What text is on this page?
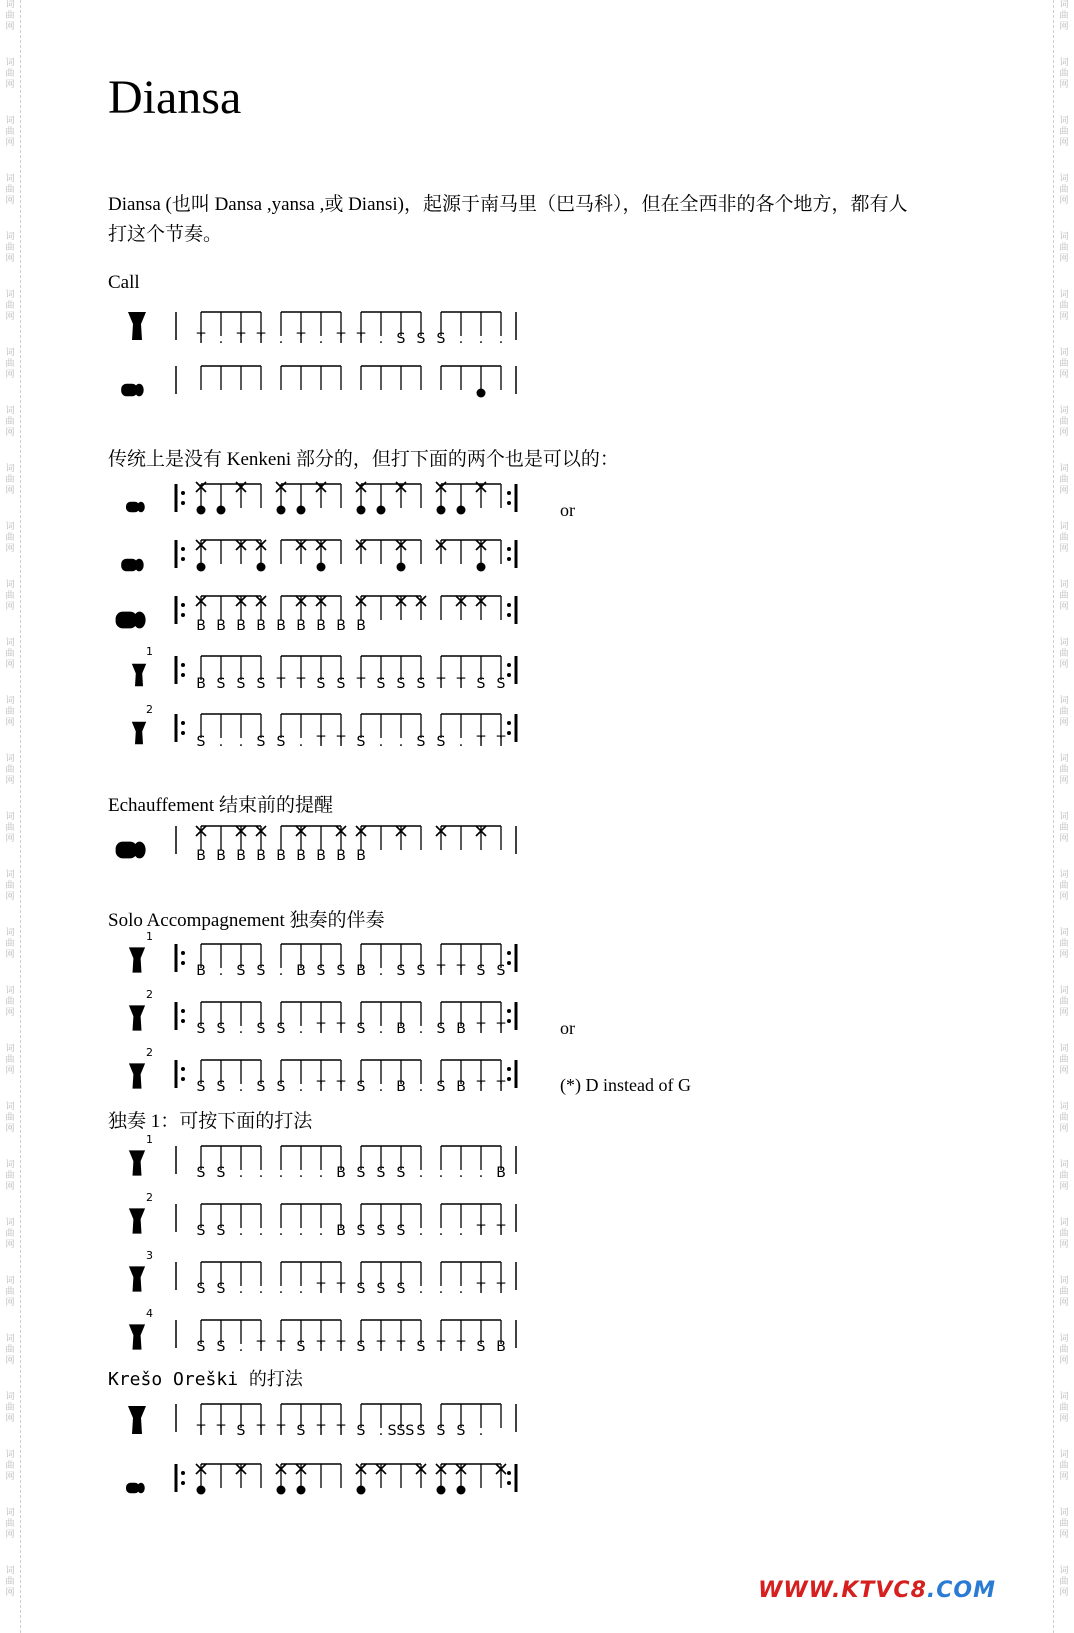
词
曲
网
词
曲
网
词
曲
网
词
曲
网
词
曲
网
词
曲
网
词
曲
网
词
曲
网
词
曲
网
词
曲
网
词
曲
网
词
曲
网
词
曲
网
词
曲
网
词
曲
网
词
曲
网
词
曲
网
词
曲
网
词
曲
网
词
曲
网
词
曲
网
词
曲
网
词
曲
网
词
曲
网
词
曲
网
词
曲
网
词
曲
网
词
曲
网
词
曲
网
词
曲
网
词
曲
网
词
曲
网
词
曲
网
词
曲
网
词
曲
网
词
曲
网
词
曲
网
词
曲
网
词
曲
网
词
曲
网
词
曲
网
词
曲
网
词
曲
网
词
曲
网
词
曲
网
词
曲
网
词
曲
网
词
曲
网
词
曲
网
词
曲
网
词
曲
网
词
曲
网
词
曲
网
词
曲
网
词
曲
网
词
曲
网
Diansa
Diansa (也叫 Dansa ,yansa ,或 Diansi)，起源于南马里（巴马科），但在全西非的各个地方，都有人打这个节奏。
Call
传统上是没有 Kenkeni 部分的，但打下面的两个也是可以的：
Echauffement 结束前的提醒
Solo Accompagnement 独奏的伴奏
独奏 1：可按下面的打法
Krešo Oreški 的打法
or
or
(*) D instead of G
T . T T . T . T T . S S S . . .
B B B B B B B B B
1
B S S S T T S S T S S S T T S S
2
S . . S S . T T S . . S S . T T
B B B B B B B B B
1
B . S S . B S S B . S S T T S S
2
S S . S S . T T S . B . S B T T
2
S S . S S . T T S . B . S B T T
1
S S . . . . . B S S S . . . . B
2
S S . . . . . B S S S . . . T T
3
S S . . . . T T S S S . . . T T
4
S S . T T S T T S T T S T T S B
T T S T T S T T S . SSS S S S .
WWW.KTVC8.COM
